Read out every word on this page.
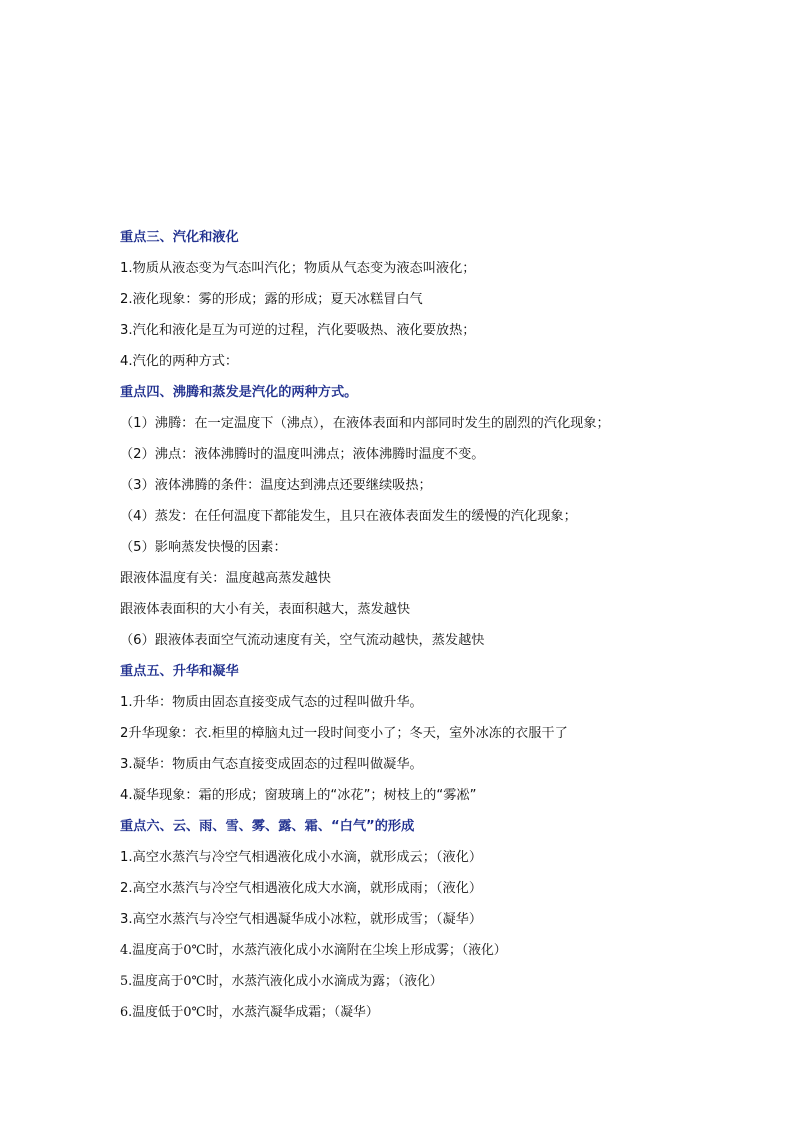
重点三、汽化和液化
1.物质从液态变为气态叫汽化；物质从气态变为液态叫液化；
2.液化现象：雾的形成；露的形成；夏天冰糕冒白气
3.汽化和液化是互为可逆的过程，汽化要吸热、液化要放热；
4.汽化的两种方式：
重点四、沸腾和蒸发是汽化的两种方式。
（1）沸腾：在一定温度下（沸点），在液体表面和内部同时发生的剧烈的汽化现象；
（2）沸点：液体沸腾时的温度叫沸点；液体沸腾时温度不变。
（3）液体沸腾的条件：温度达到沸点还要继续吸热；
（4）蒸发：在任何温度下都能发生，且只在液体表面发生的缓慢的汽化现象；
（5）影响蒸发快慢的因素：
跟液体温度有关：温度越高蒸发越快
跟液体表面积的大小有关，表面积越大，蒸发越快
（6）跟液体表面空气流动速度有关，空气流动越快，蒸发越快
重点五、升华和凝华
1.升华：物质由固态直接变成气态的过程叫做升华。
2升华现象：衣.柜里的樟脑丸过一段时间变小了；冬天，室外冰冻的衣服干了
3.凝华：物质由气态直接变成固态的过程叫做凝华。
4.凝华现象：霜的形成；窗玻璃上的“冰花”；树枝上的“雾凇”
重点六、云、雨、雪、雾、露、霜、“白气”的形成
1.高空水蒸汽与冷空气相遇液化成小水滴，就形成云；（液化）
2.高空水蒸汽与冷空气相遇液化成大水滴，就形成雨；（液化）
3.高空水蒸汽与冷空气相遇凝华成小冰粒，就形成雪；（凝华）
4.温度高于0℃时，水蒸汽液化成小水滴附在尘埃上形成雾；（液化）
5.温度高于0℃时，水蒸汽液化成小水滴成为露；（液化）
6.温度低于0℃时，水蒸汽凝华成霜；（凝华）
